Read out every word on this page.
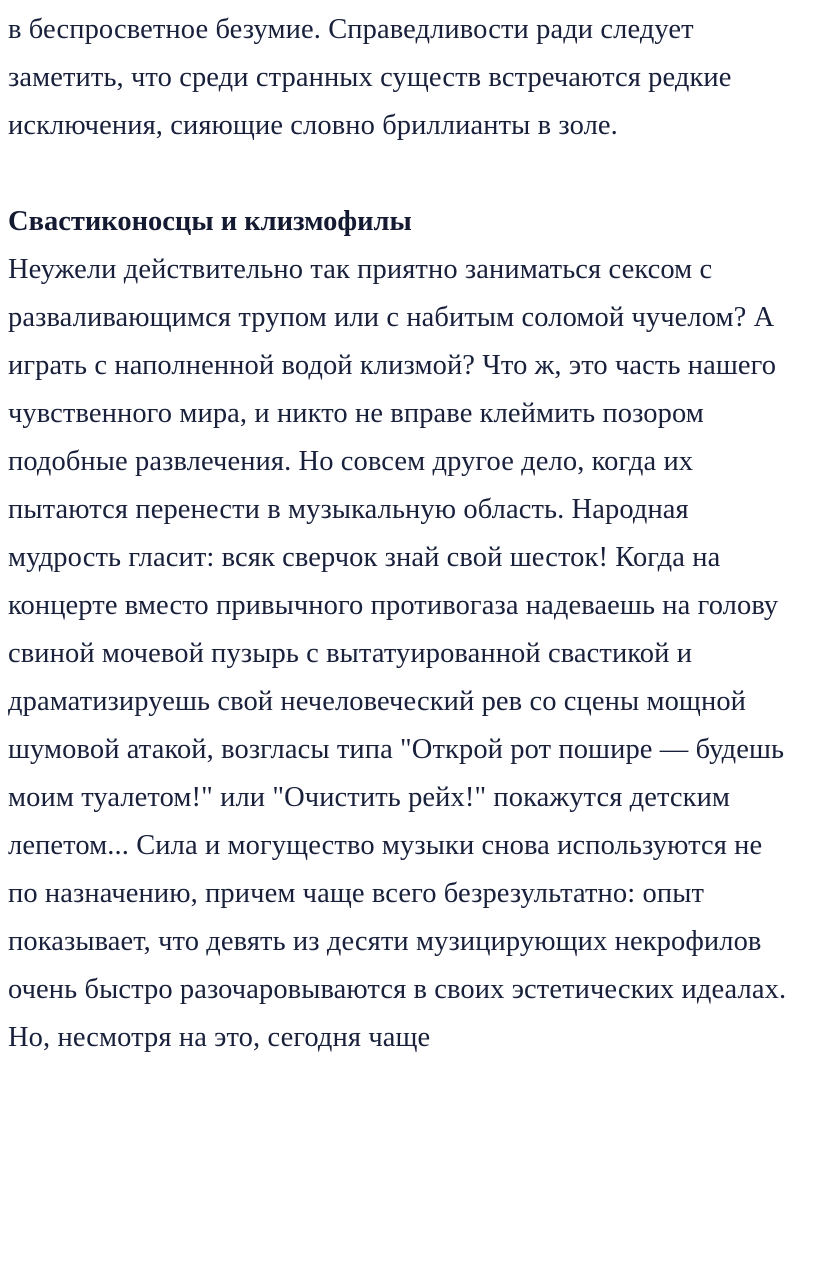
в беспросветное безумие. Справедливости ради следует заметить, что среди странных существ встречаются редкие исключения, сияющие словно бриллианты в золе.

Свастиконосцы и клизмофилы

Неужели действительно так приятно заниматься сексом с разваливающимся трупом или с набитым соломой чучелом? А играть с наполненной водой клизмой? Что ж, это часть нашего чувственного мира, и никто не вправе клеймить позором подобные развлечения. Но совсем другое дело, когда их пытаются перенести в музыкальную область. Народная мудрость гласит: всяк сверчок знай свой шесток! Когда на концерте вместо привычного противогаза надеваешь на голову свиной мочевой пузырь с вытатуированной свастикой и драматизируешь свой нечеловеческий рев со сцены мощной шумовой атакой, возгласы типа "Открой рот пошире — будешь моим туалетом!" или "Очистить рейх!" покажутся детским лепетом... Сила и могущество музыки снова используются не по назначению, причем чаще всего безрезультатно: опыт показывает, что девять из десяти музицирующих некрофилов очень быстро разочаровываются в своих эстетических идеалах. Но, несмотря на это, сегодня чаще
